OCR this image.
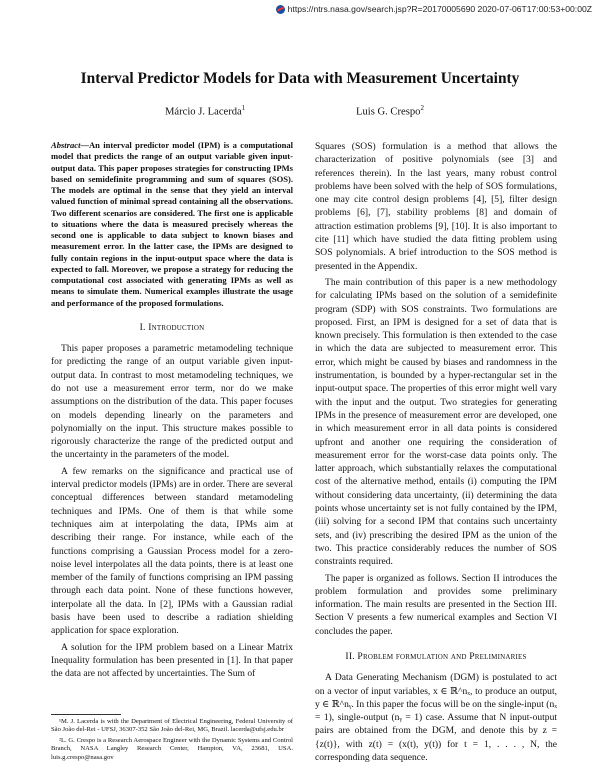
https://ntrs.nasa.gov/search.jsp?R=20170005690 2020-07-06T17:00:53+00:00Z
Interval Predictor Models for Data with Measurement Uncertainty
Márcio J. Lacerda$^1$	Luis G. Crespo$^2$

Abstract—An interval predictor model (IPM) is a computational model that predicts the range of an output variable given input-output data. This paper proposes strategies for constructing IPMs based on semidefinite programming and sum of squares (SOS). The models are optimal in the sense that they yield an interval valued function of minimal spread containing all the observations. Two different scenarios are considered. The first one is applicable to situations where the data is measured precisely whereas the second one is applicable to data subject to known biases and measurement error. In the latter case, the IPMs are designed to fully contain regions in the input-output space where the data is expected to fall. Moreover, we propose a strategy for reducing the computational cost associated with generating IPMs as well as means to simulate them. Numerical examples illustrate the usage and performance of the proposed formulations.

I. Introduction

This paper proposes a parametric metamodeling technique for predicting the range of an output variable given input-output data. In contrast to most metamodeling techniques, we do not use a measurement error term, nor do we make assumptions on the distribution of the data. This paper focuses on models depending linearly on the parameters and polynomially on the input. This structure makes possible to rigorously characterize the range of the predicted output and the uncertainty in the parameters of the model.

A few remarks on the significance and practical use of interval predictor models (IPMs) are in order. There are several conceptual differences between standard metamodeling techniques and IPMs. One of them is that while some techniques aim at interpolating the data, IPMs aim at describing their range. For instance, while each of the functions comprising a Gaussian Process model for a zero-noise level interpolates all the data points, there is at least one member of the family of functions comprising an IPM passing through each data point. None of these functions however, interpolate all the data. In [2], IPMs with a Gaussian radial basis have been used to describe a radiation shielding application for space exploration.

A solution for the IPM problem based on a Linear Matrix Inequality formulation has been presented in [1]. In that paper the data are not affected by uncertainties. The Sum of

Squares (SOS) formulation is a method that allows the characterization of positive polynomials (see [3] and references therein). In the last years, many robust control problems have been solved with the help of SOS formulations, one may cite control design problems [4], [5], filter design problems [6], [7], stability problems [8] and domain of attraction estimation problems [9], [10]. It is also important to cite [11] which have studied the data fitting problem using SOS polynomials. A brief introduction to the SOS method is presented in the Appendix.

The main contribution of this paper is a new methodology for calculating IPMs based on the solution of a semidefinite program (SDP) with SOS constraints. Two formulations are proposed. First, an IPM is designed for a set of data that is known precisely. This formulation is then extended to the case in which the data are subjected to measurement error. This error, which might be caused by biases and randomness in the instrumentation, is bounded by a hyper-rectangular set in the input-output space. The properties of this error might well vary with the input and the output. Two strategies for generating IPMs in the presence of measurement error are developed, one in which measurement error in all data points is considered upfront and another one requiring the consideration of measurement error for the worst-case data points only. The latter approach, which substantially relaxes the computational cost of the alternative method, entails (i) computing the IPM without considering data uncertainty, (ii) determining the data points whose uncertainty set is not fully contained by the IPM, (iii) solving for a second IPM that contains such uncertainty sets, and (iv) prescribing the desired IPM as the union of the two. This practice considerably reduces the number of SOS constraints required.

The paper is organized as follows. Section II introduces the problem formulation and provides some preliminary information. The main results are presented in the Section III. Section V presents a few numerical examples and Section VI concludes the paper.

II. Problem formulation and Preliminaries

A Data Generating Mechanism (DGM) is postulated to act on a vector of input variables, x ∈ ℝ^nₓ, to produce an output, y ∈ ℝ^nᵧ. In this paper the focus will be on the single-input (nₓ = 1), single-output (nᵧ = 1) case. Assume that N input-output pairs are obtained from the DGM, and denote this by z = {z(t)}, with z(t) = (x(t), y(t)) for t = 1, . . . , N, the corresponding data sequence.

¹M. J. Lacerda is with the Department of Electrical Engineering, Federal University of São João del-Rei - UFSJ, 36307-352 São João del-Rei, MG, Brazil. lacerda@ufsj.edu.br

²L. G. Crespo is a Research Aerospace Engineer with the Dynamic Systems and Control Branch, NASA Langley Research Center, Hampton, VA, 23681, USA. luis.g.crespo@nasa.gov
